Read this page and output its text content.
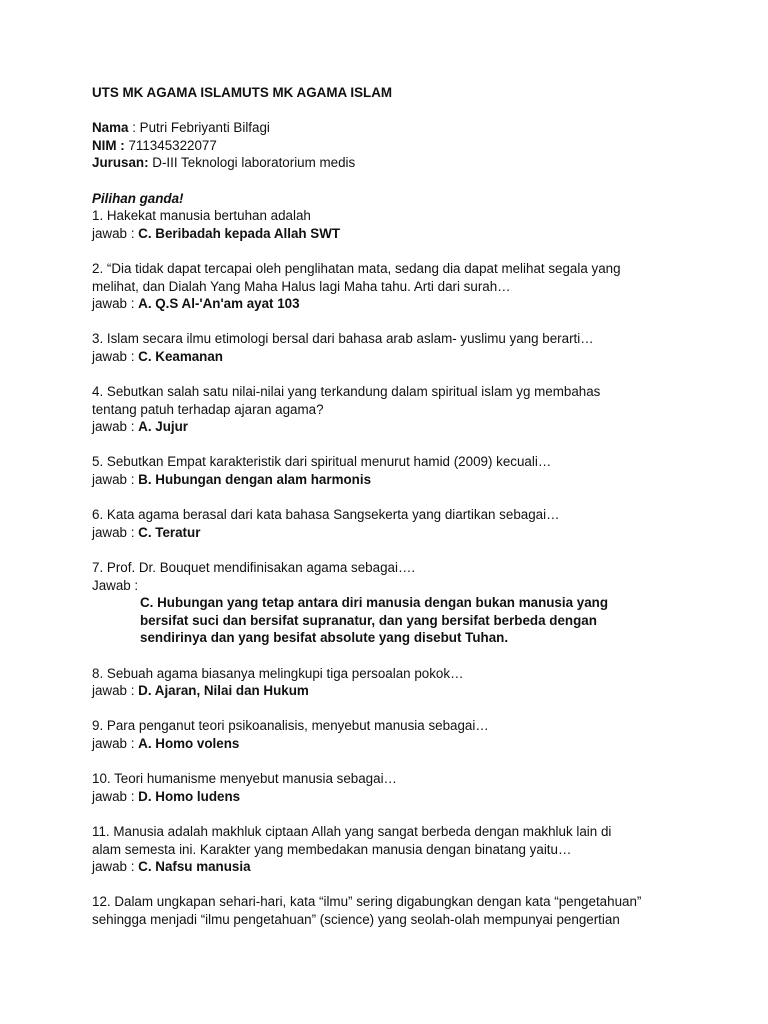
UTS MK AGAMA ISLAMUTS MK AGAMA ISLAM

Nama : Putri Febriyanti Bilfagi
NIM : 711345322077
Jurusan: D-III Teknologi laboratorium medis
Pilihan ganda!
1. Hakekat manusia bertuhan adalah
jawab : C. Beribadah kepada Allah SWT
2. “Dia tidak dapat tercapai oleh penglihatan mata, sedang dia dapat melihat segala yang
melihat, dan Dialah Yang Maha Halus lagi Maha tahu. Arti dari surah…
jawab : A. Q.S Al-'An'am ayat 103
3. Islam secara ilmu etimologi bersal dari bahasa arab aslam- yuslimu yang berarti…
jawab : C. Keamanan
4. Sebutkan salah satu nilai-nilai yang terkandung dalam spiritual islam yg membahas
tentang patuh terhadap ajaran agama?
jawab : A. Jujur
5. Sebutkan Empat karakteristik dari spiritual menurut hamid (2009) kecuali…
jawab : B. Hubungan dengan alam harmonis
6. Kata agama berasal dari kata bahasa Sangsekerta yang diartikan sebagai…
jawab : C. Teratur
7. Prof. Dr. Bouquet mendifinisakan agama sebagai….
Jawab :
C. Hubungan yang tetap antara diri manusia dengan bukan manusia yang
bersifat suci dan bersifat supranatur, dan yang bersifat berbeda dengan
sendirinya dan yang besifat absolute yang disebut Tuhan.
8. Sebuah agama biasanya melingkupi tiga persoalan pokok…
jawab : D. Ajaran, Nilai dan Hukum
9. Para penganut teori psikoanalisis, menyebut manusia sebagai…
jawab : A. Homo volens
10. Teori humanisme menyebut manusia sebagai…
jawab : D. Homo ludens
11. Manusia adalah makhluk ciptaan Allah yang sangat berbeda dengan makhluk lain di
alam semesta ini. Karakter yang membedakan manusia dengan binatang yaitu…
jawab : C. Nafsu manusia
12. Dalam ungkapan sehari-hari, kata “ilmu” sering digabungkan dengan kata “pengetahuan”
sehingga menjadi “ilmu pengetahuan” (science) yang seolah-olah mempunyai pengertian
